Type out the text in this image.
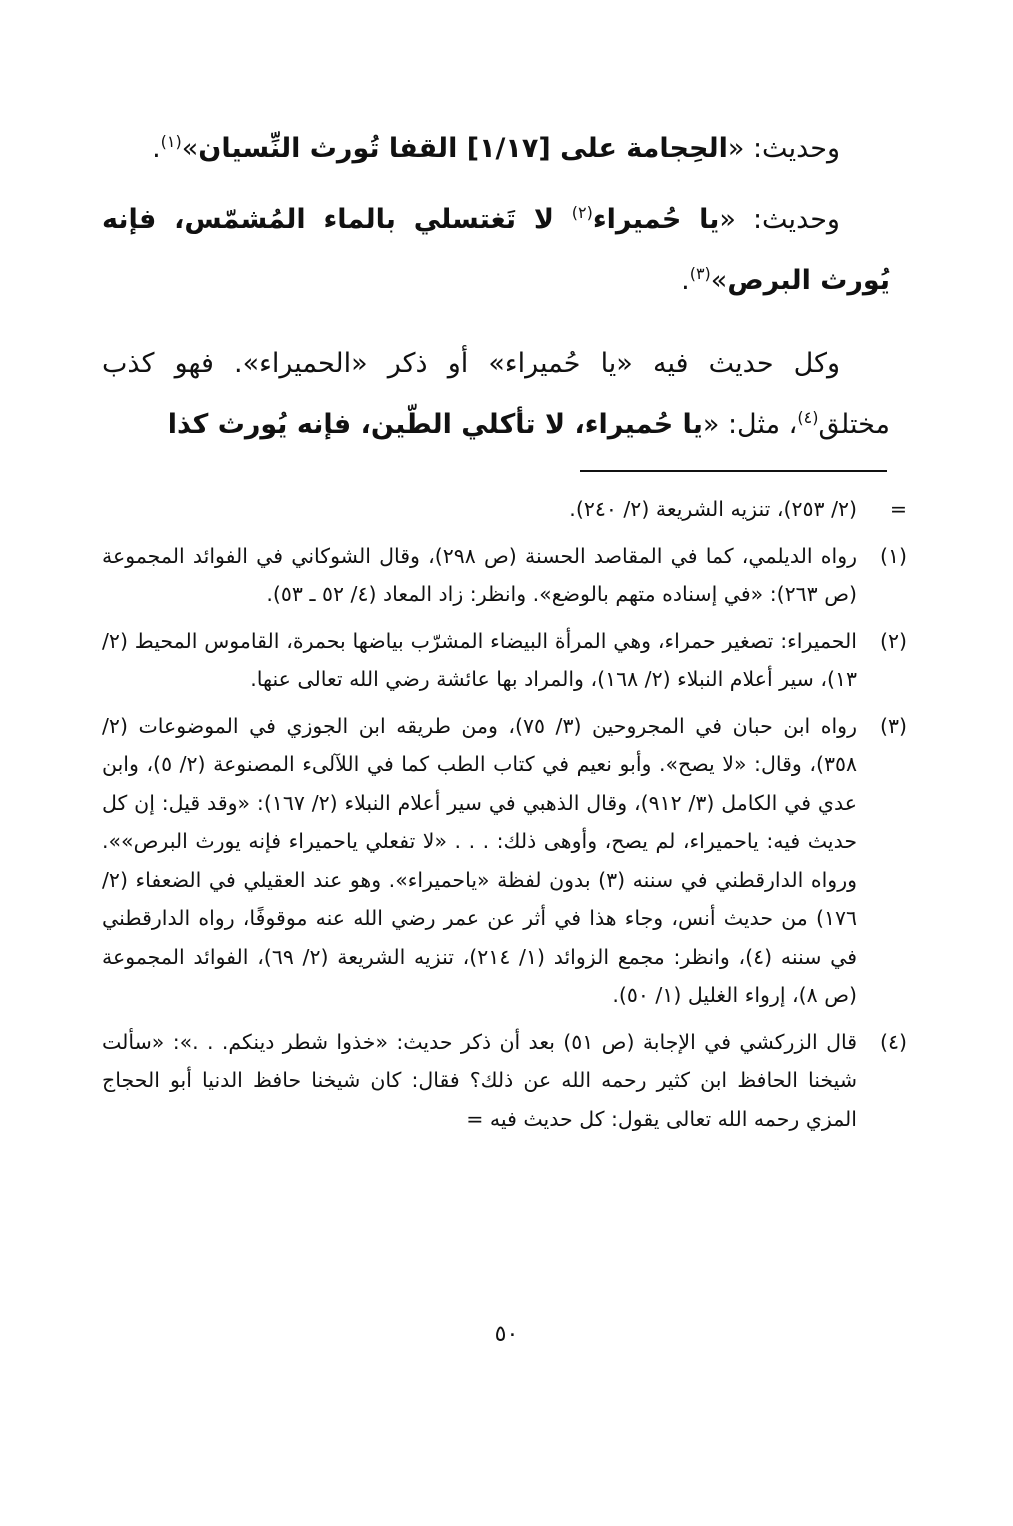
وحديث: «الحِجامة على [١/١٧] القفا تُورث النِّسيان»$^{(١)}$.

وحديث: «يا حُميراء$^{(٢)}$ لا تَغتسلي بالماء المُشمّس، فإنه يُورث البرص»$^{(٣)}$.

وكل حديث فيه «يا حُميراء» أو ذكر «الحميراء». فهو كذب مختلق$^{(٤)}$، مثل: «يا حُميراء، لا تأكلي الطّين، فإنه يُورث كذا

=
(٢/ ٢٥٣)، تنزيه الشريعة (٢/ ٢٤٠).
(١)
رواه الديلمي، كما في المقاصد الحسنة (ص ٢٩٨)، وقال الشوكاني في الفوائد المجموعة (ص ٢٦٣): «في إسناده متهم بالوضع». وانظر: زاد المعاد (٤/ ٥٢ ـ ٥٣).
(٢)
الحميراء: تصغير حمراء، وهي المرأة البيضاء المشرّب بياضها بحمرة، القاموس المحيط (٢/ ١٣)، سير أعلام النبلاء (٢/ ١٦٨)، والمراد بها عائشة رضي الله تعالى عنها.
(٣)
رواه ابن حبان في المجروحين (٣/ ٧٥)، ومن طريقه ابن الجوزي في الموضوعات (٢/ ٣٥٨)، وقال: «لا يصح». وأبو نعيم في كتاب الطب كما في اللآلىء المصنوعة (٢/ ٥)، وابن عدي في الكامل (٣/ ٩١٢)، وقال الذهبي في سير أعلام النبلاء (٢/ ١٦٧): «وقد قيل: إن كل حديث فيه: ياحميراء، لم يصح، وأوهى ذلك: . . . «لا تفعلي ياحميراء فإنه يورث البرص»». ورواه الدارقطني في سننه (٣) بدون لفظة «ياحميراء». وهو عند العقيلي في الضعفاء (٢/ ١٧٦) من حديث أنس، وجاء هذا في أثر عن عمر رضي الله عنه موقوفًا، رواه الدارقطني في سننه (٤)، وانظر: مجمع الزوائد (١/ ٢١٤)، تنزيه الشريعة (٢/ ٦٩)، الفوائد المجموعة (ص ٨)، إرواء الغليل (١/ ٥٠).
(٤)
قال الزركشي في الإجابة (ص ٥١) بعد أن ذكر حديث: «خذوا شطر دينكم. . .»: «سألت شيخنا الحافظ ابن كثير رحمه الله عن ذلك؟ فقال: كان شيخنا حافظ الدنيا أبو الحجاج المزي رحمه الله تعالى يقول: كل حديث فيه =
٥٠
